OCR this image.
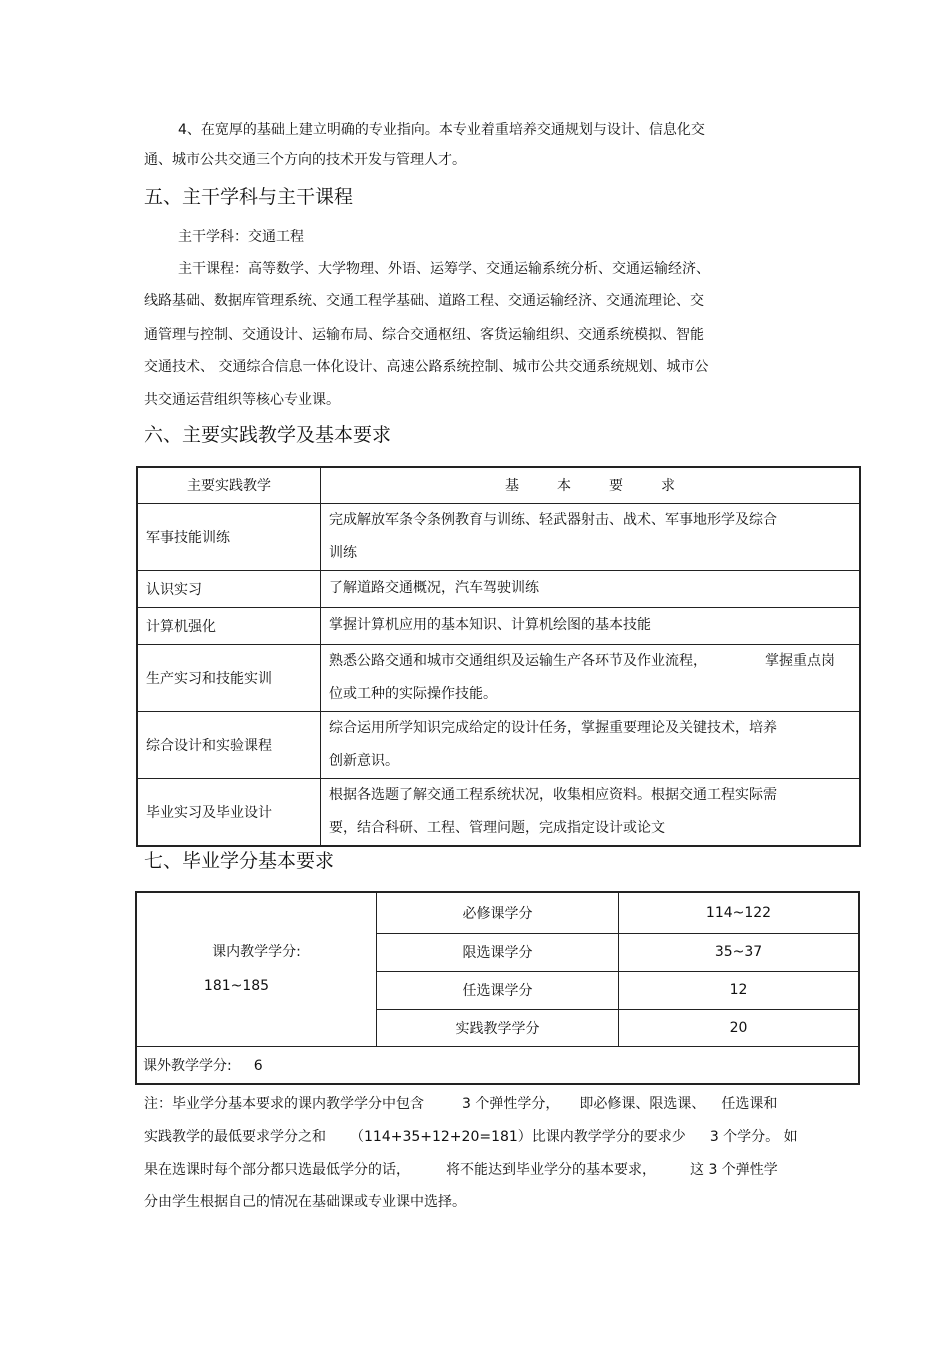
4、在宽厚的基础上建立明确的专业指向。本专业着重培养交通规划与设计、信息化交
通、城市公共交通三个方向的技术开发与管理人才。
五、主干学科与主干课程
主干学科：交通工程
主干课程：高等数学、大学物理、外语、运筹学、交通运输系统分析、交通运输经济、
线路基础、数据库管理系统、交通工程学基础、道路工程、交通运输经济、交通流理论、交
通管理与控制、交通设计、运输布局、综合交通枢纽、客货运输组织、交通系统模拟、智能
交通技术、 交通综合信息一体化设计、高速公路系统控制、城市公共交通系统规划、城市公
共交通运营组织等核心专业课。
六、主要实践教学及基本要求
主要实践教学	基 本 要 求
军事技能训练	完成解放军条令条例教育与训练、轻武器射击、战术、军事地形学及综合
训练

认识实习	了解道路交通概况，汽车驾驶训练
计算机强化	掌握计算机应用的基本知识、计算机绘图的基本技能
生产实习和技能实训	熟悉公路交通和城市交通组织及运输生产各环节及作业流程， 掌握重点岗
位或工种的实际操作技能。

综合设计和实验课程	综合运用所学知识完成给定的设计任务，掌握重要理论及关键技术，培养
创新意识。

毕业实习及毕业设计	根据各选题了解交通工程系统状况，收集相应资料。根据交通工程实际需
要，结合科研、工程、管理问题，完成指定设计或论文
七、毕业学分基本要求
课内教学学分:
181~185	必修课学分	114~122
	限选课学分	35~37
	任选课学分	12
	实践教学学分	20
课外教学学分: 6		
注：毕业学分基本要求的课内教学学分中包含	3 个弹性学分， 即必修课、限选课、 任选课和
实践教学的最低要求学分之和 （114+35+12+20=181）比课内教学学分的要求少 3 个学分。 如
果在选课时每个部分都只选最低学分的话，	将不能达到毕业学分的基本要求， 这 3 个弹性学
分由学生根据自己的情况在基础课或专业课中选择。
